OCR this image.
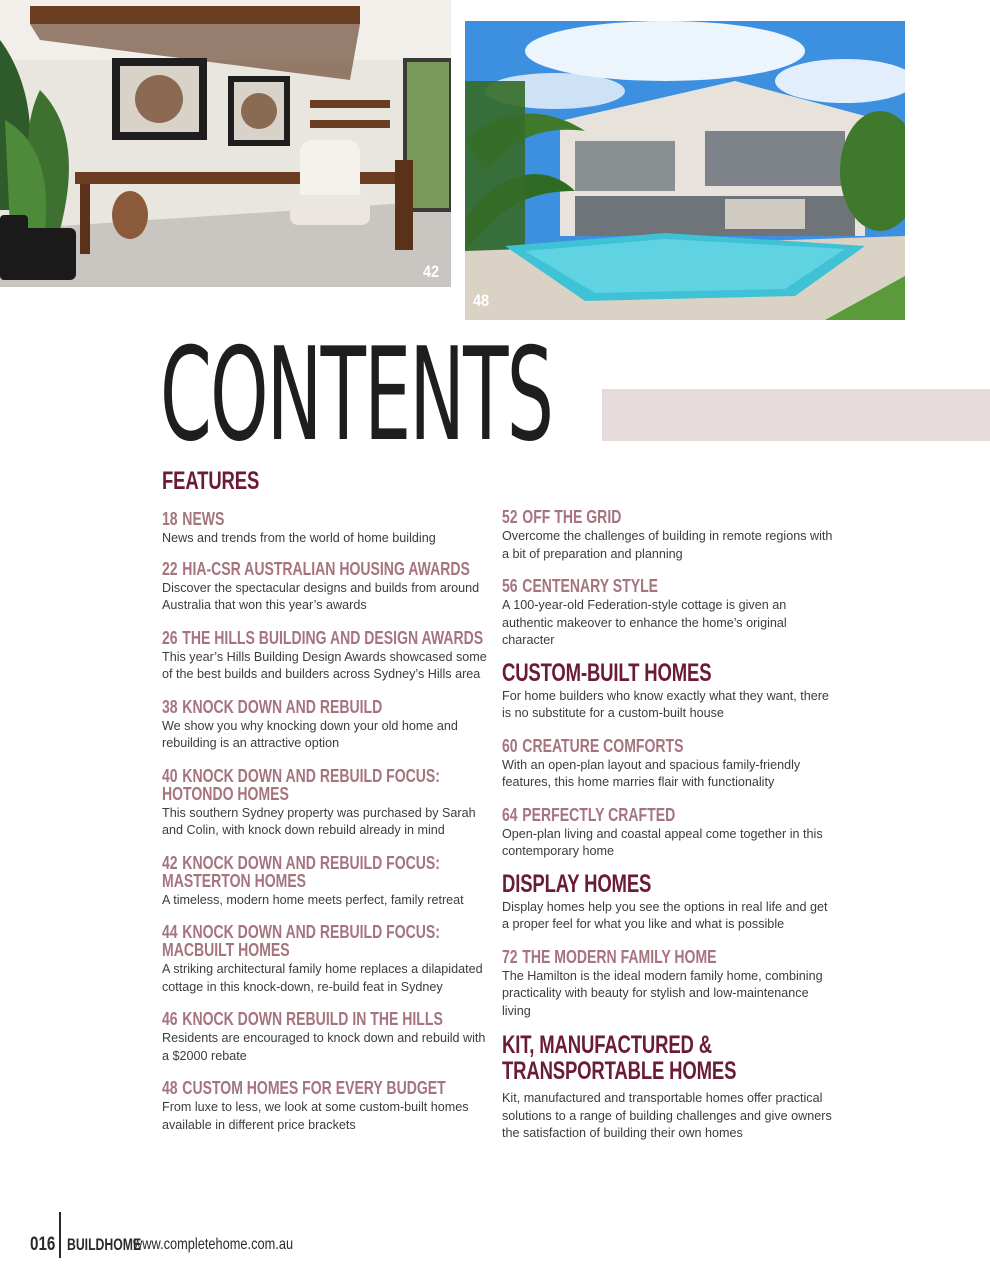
42
48
CONTENTS
FEATURES
18 NEWS
News and trends from the world of home building
22 HIA-CSR AUSTRALIAN HOUSING AWARDS
Discover the spectacular designs and builds from around Australia that won this year’s awards
26 THE HILLS BUILDING AND DESIGN AWARDS
This year’s Hills Building Design Awards showcased some of the best builds and builders across Sydney’s Hills area
38 KNOCK DOWN AND REBUILD
We show you why knocking down your old home and rebuilding is an attractive option
40 KNOCK DOWN AND REBUILD FOCUS:
HOTONDO HOMES
This southern Sydney property was purchased by Sarah and Colin, with knock down rebuild already in mind
42 KNOCK DOWN AND REBUILD FOCUS:
MASTERTON HOMES
A timeless, modern home meets perfect, family retreat
44 KNOCK DOWN AND REBUILD FOCUS:
MACBUILT HOMES
A striking architectural family home replaces a dilapidated cottage in this knock-down, re-build feat in Sydney
46 KNOCK DOWN REBUILD IN THE HILLS
Residents are encouraged to knock down and rebuild with a $2000 rebate
48 CUSTOM HOMES FOR EVERY BUDGET
From luxe to less, we look at some custom-built homes available in different price brackets
52 OFF THE GRID
Overcome the challenges of building in remote regions with a bit of preparation and planning
56 CENTENARY STYLE
A 100-year-old Federation-style cottage is given an authentic makeover to enhance the home’s original character
CUSTOM-BUILT HOMES
For home builders who know exactly what they want, there is no substitute for a custom-built house
60 CREATURE COMFORTS
With an open-plan layout and spacious family-friendly features, this home marries flair with functionality
64 PERFECTLY CRAFTED
Open-plan living and coastal appeal come together in this contemporary home
DISPLAY HOMES
Display homes help you see the options in real life and get a proper feel for what you like and what is possible
72 THE MODERN FAMILY HOME
The Hamilton is the ideal modern family home, combining practicality with beauty for stylish and low-maintenance living
KIT, MANUFACTURED &
TRANSPORTABLE HOMES
Kit, manufactured and transportable homes offer practical solutions to a range of building challenges and give owners the satisfaction of building their own homes
016 BUILDHOME
www.completehome.com.au
